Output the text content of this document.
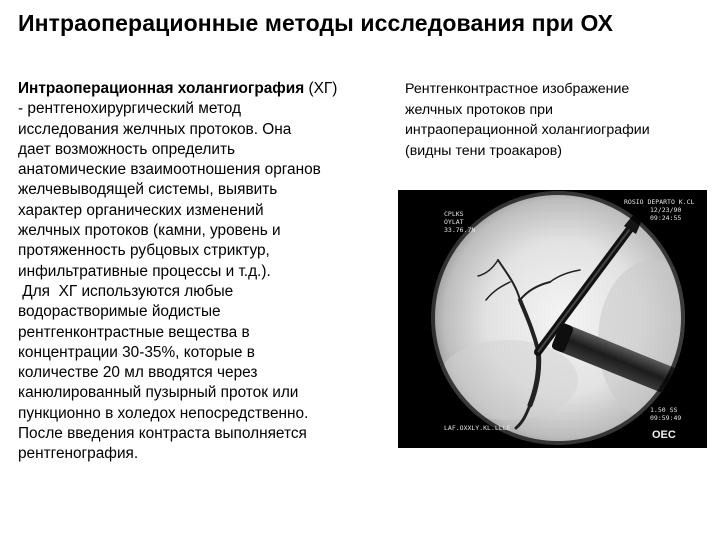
Интраоперационные методы исследования при ОХ

Интраоперационная холангиография (ХГ)
- рентгенохирургический метод
исследования желчных протоков. Она
дает возможность определить
анатомические взаимоотношения органов
желчевыводящей системы, выявить
характер органических изменений
желчных протоков (камни, уровень и
протяженность рубцовых стриктур,
инфильтративные процессы и т.д.).

Для  ХГ используются любые
водорастворимые йодистые
рентгенконтрастные вещества в
концентрации 30-35%, которые в
количестве 20 мл вводятся через
канюлированный пузырный проток или
пункционно в холедох непосредственно.
После введения контраста выполняется
рентгенография.

Рентгенконтрастное изображение
желчных протоков при
интраоперационной холангиографии
(видны тени троакаров)
CPLKS
OYLAT
33.76.7N
ROSIO DEPARTO K.CL
12/23/90
09:24:55
1.50 SS
09:59:49
LAF.OXXLY.KL.LLLE
OEC
